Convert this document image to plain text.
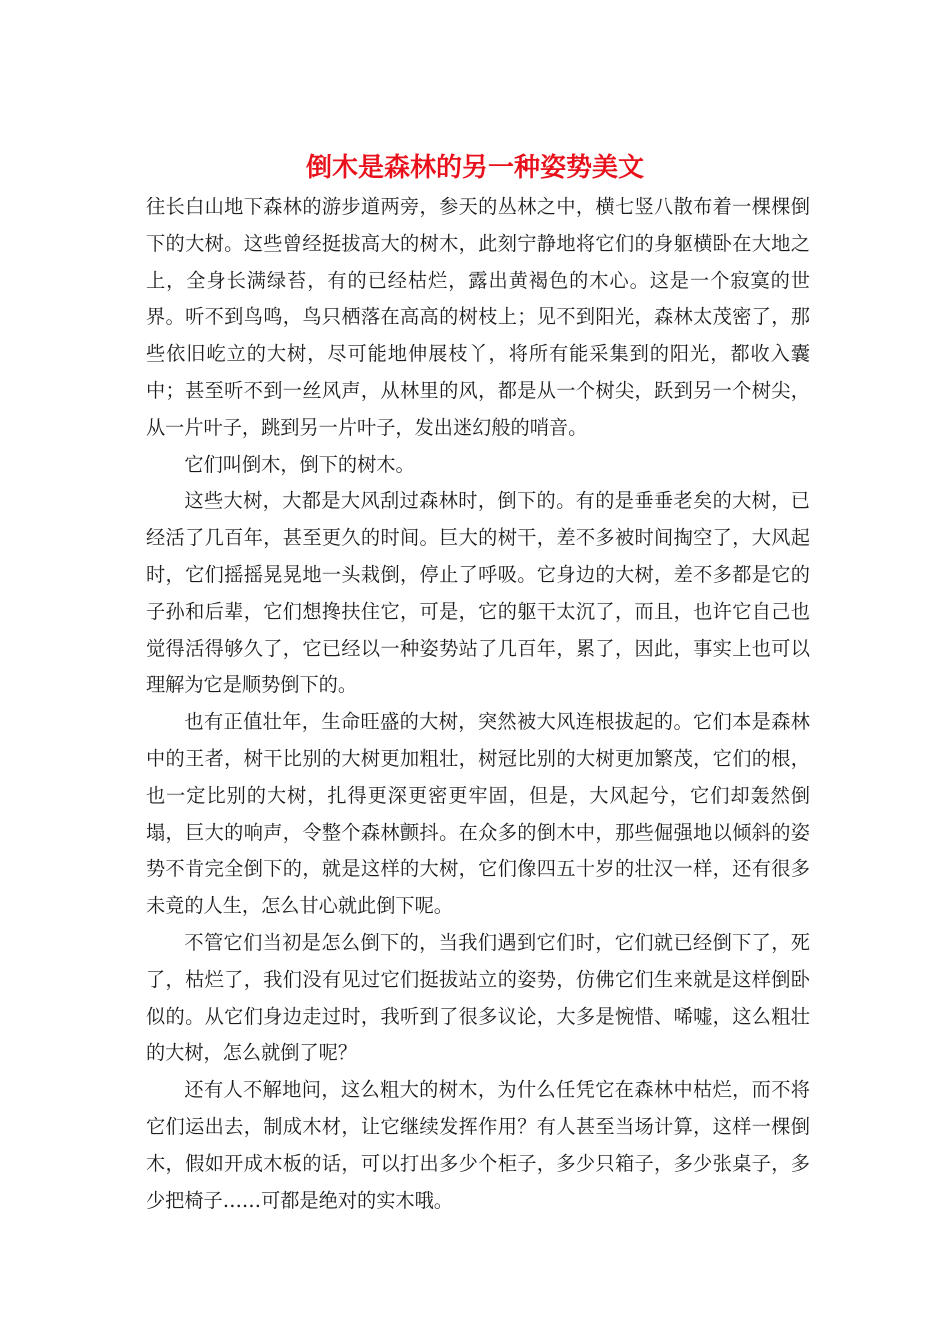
倒木是森林的另一种姿势美文

往长白山地下森林的游步道两旁，参天的丛林之中，横七竖八散布着一棵棵倒下的大树。这些曾经挺拔高大的树木，此刻宁静地将它们的身躯横卧在大地之上，全身长满绿苔，有的已经枯烂，露出黄褐色的木心。这是一个寂寞的世界。听不到鸟鸣，鸟只栖落在高高的树枝上；见不到阳光，森林太茂密了，那些依旧屹立的大树，尽可能地伸展枝丫，将所有能采集到的阳光，都收入囊中；甚至听不到一丝风声，从林里的风，都是从一个树尖，跃到另一个树尖，从一片叶子，跳到另一片叶子，发出迷幻般的哨音。

它们叫倒木，倒下的树木。

这些大树，大都是大风刮过森林时，倒下的。有的是垂垂老矣的大树，已经活了几百年，甚至更久的时间。巨大的树干，差不多被时间掏空了，大风起时，它们摇摇晃晃地一头栽倒，停止了呼吸。它身边的大树，差不多都是它的子孙和后辈，它们想搀扶住它，可是，它的躯干太沉了，而且，也许它自己也觉得活得够久了，它已经以一种姿势站了几百年，累了，因此，事实上也可以理解为它是顺势倒下的。

也有正值壮年，生命旺盛的大树，突然被大风连根拔起的。它们本是森林中的王者，树干比别的大树更加粗壮，树冠比别的大树更加繁茂，它们的根，也一定比别的大树，扎得更深更密更牢固，但是，大风起兮，它们却轰然倒塌，巨大的响声，令整个森林颤抖。在众多的倒木中，那些倔强地以倾斜的姿势不肯完全倒下的，就是这样的大树，它们像四五十岁的壮汉一样，还有很多未竟的人生，怎么甘心就此倒下呢。

不管它们当初是怎么倒下的，当我们遇到它们时，它们就已经倒下了，死了，枯烂了，我们没有见过它们挺拔站立的姿势，仿佛它们生来就是这样倒卧似的。从它们身边走过时，我听到了很多议论，大多是惋惜、唏嘘，这么粗壮的大树，怎么就倒了呢？

还有人不解地问，这么粗大的树木，为什么任凭它在森林中枯烂，而不将它们运出去，制成木材，让它继续发挥作用？有人甚至当场计算，这样一棵倒木，假如开成木板的话，可以打出多少个柜子，多少只箱子，多少张桌子，多少把椅子……可都是绝对的实木哦。
